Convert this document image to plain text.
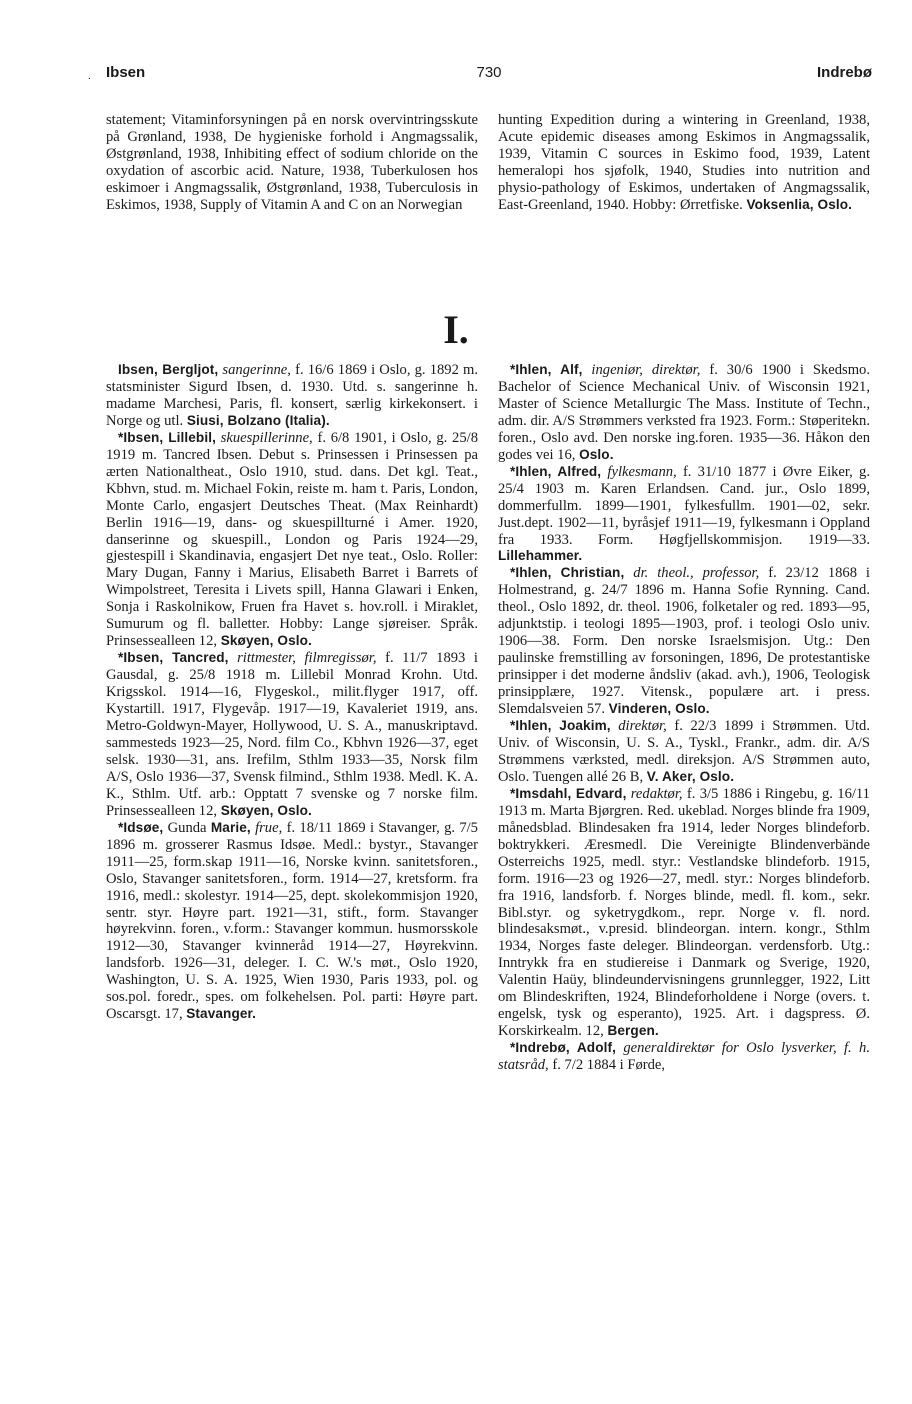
. Ibsen	730	Indrebø

statement; Vitaminforsyningen på en norsk overvintringsskute på Grønland, 1938, De hygieniske forhold i Angmagssalik, Østgrønland, 1938, Inhibiting effect of sodium chloride on the oxydation of ascorbic acid. Nature, 1938, Tuberkulosen hos eskimoer i Angmagssalik, Østgrønland, 1938, Tuberculosis in Eskimos, 1938, Supply of Vitamin A and C on an Norwegian

hunting Expedition during a wintering in Greenland, 1938, Acute epidemic diseases among Eskimos in Angmagssalik, 1939, Vitamin C sources in Eskimo food, 1939, Latent hemeralopi hos sjøfolk, 1940, Studies into nutrition and physio-pathology of Eskimos, undertaken of Angmagssalik, East-Greenland, 1940. Hobby: Ørretfiske. Voksenlia, Oslo.

I.

Ibsen, Bergljot, sangerinne, f. 16/6 1869 i Oslo, g. 1892 m. statsminister Sigurd Ibsen, d. 1930. Utd. s. sangerinne h. madame Marchesi, Paris, fl. konsert, særlig kirkekonsert. i Norge og utl. Siusi, Bolzano (Italia).

*Ibsen, Lillebil, skuespillerinne, f. 6/8 1901, i Oslo, g. 25/8 1919 m. Tancred Ibsen. Debut s. Prinsessen i Prinsessen pa ærten Nationaltheat., Oslo 1910, stud. dans. Det kgl. Teat., Kbhvn, stud. m. Michael Fokin, reiste m. ham t. Paris, London, Monte Carlo, engasjert Deutsches Theat. (Max Reinhardt) Berlin 1916—19, dans- og skuespillturné i Amer. 1920, danserinne og skuespill., London og Paris 1924—29, gjestespill i Skandinavia, engasjert Det nye teat., Oslo. Roller: Mary Dugan, Fanny i Marius, Elisabeth Barret i Barrets of Wimpolstreet, Teresita i Livets spill, Hanna Glawari i Enken, Sonja i Raskolnikow, Fruen fra Havet s. hov.roll. i Miraklet, Sumurum og fl. balletter. Hobby: Lange sjøreiser. Språk. Prinsessealleen 12, Skøyen, Oslo.

*Ibsen, Tancred, rittmester, filmregissør, f. 11/7 1893 i Gausdal, g. 25/8 1918 m. Lillebil Monrad Krohn. Utd. Krigsskol. 1914—16, Flygeskol., milit.flyger 1917, off. Kystartill. 1917, Flygevåp. 1917—19, Kavaleriet 1919, ans. Metro-Goldwyn-Mayer, Hollywood, U. S. A., manuskriptavd. sammesteds 1923—25, Nord. film Co., Kbhvn 1926—37, eget selsk. 1930—31, ans. Irefilm, Sthlm 1933—35, Norsk film A/S, Oslo 1936—37, Svensk filmind., Sthlm 1938. Medl. K. A. K., Sthlm. Utf. arb.: Opptatt 7 svenske og 7 norske film. Prinsessealleen 12, Skøyen, Oslo.

*Idsøe, Gunda Marie, frue, f. 18/11 1869 i Stavanger, g. 7/5 1896 m. grosserer Rasmus Idsøe. Medl.: bystyr., Stavanger 1911—25, form.skap 1911—16, Norske kvinn. sanitetsforen., Oslo, Stavanger sanitetsforen., form. 1914—27, kretsform. fra 1916, medl.: skolestyr. 1914—25, dept. skolekommisjon 1920, sentr. styr. Høyre part. 1921—31, stift., form. Stavanger høyrekvinn. foren., v.form.: Stavanger kommun. husmorsskole 1912—30, Stavanger kvinneråd 1914—27, Høyrekvinn. landsforb. 1926—31, deleger. I. C. W.'s møt., Oslo 1920, Washington, U. S. A. 1925, Wien 1930, Paris 1933, pol. og sos.pol. foredr., spes. om folkehelsen. Pol. parti: Høyre part. Oscarsgt. 17, Stavanger.

*Ihlen, Alf, ingeniør, direktør, f. 30/6 1900 i Skedsmo. Bachelor of Science Mechanical Univ. of Wisconsin 1921, Master of Science Metallurgic The Mass. Institute of Techn., adm. dir. A/S Strømmers verksted fra 1923. Form.: Støperitekn. foren., Oslo avd. Den norske ing.foren. 1935—36. Håkon den godes vei 16, Oslo.

*Ihlen, Alfred, fylkesmann, f. 31/10 1877 i Øvre Eiker, g. 25/4 1903 m. Karen Erlandsen. Cand. jur., Oslo 1899, dommerfullm. 1899—1901, fylkesfullm. 1901—02, sekr. Just.dept. 1902—11, byråsjef 1911—19, fylkesmann i Oppland fra 1933. Form. Høgfjellskommisjon. 1919—33. Lillehammer.

*Ihlen, Christian, dr. theol., professor, f. 23/12 1868 i Holmestrand, g. 24/7 1896 m. Hanna Sofie Rynning. Cand. theol., Oslo 1892, dr. theol. 1906, folketaler og red. 1893—95, adjunktstip. i teologi 1895—1903, prof. i teologi Oslo univ. 1906—38. Form. Den norske Israelsmisjon. Utg.: Den paulinske fremstilling av forsoningen, 1896, De protestantiske prinsipper i det moderne åndsliv (akad. avh.), 1906, Teologisk prinsipplære, 1927. Vitensk., populære art. i press. Slemdalsveien 57. Vinderen, Oslo.

*Ihlen, Joakim, direktør, f. 22/3 1899 i Strømmen. Utd. Univ. of Wisconsin, U. S. A., Tyskl., Frankr., adm. dir. A/S Strømmens værksted, medl. direksjon. A/S Strømmen auto, Oslo. Tuengen allé 26 B, V. Aker, Oslo.

*Imsdahl, Edvard, redaktør, f. 3/5 1886 i Ringebu, g. 16/11 1913 m. Marta Bjørgren. Red. ukeblad. Norges blinde fra 1909, månedsblad. Blindesaken fra 1914, leder Norges blindeforb. boktrykkeri. Æresmedl. Die Vereinigte Blindenverbände Osterreichs 1925, medl. styr.: Vestlandske blindeforb. 1915, form. 1916—23 og 1926—27, medl. styr.: Norges blindeforb. fra 1916, landsforb. f. Norges blinde, medl. fl. kom., sekr. Bibl.styr. og syketrygdkom., repr. Norge v. fl. nord. blindesaksmøt., v.presid. blindeorgan. intern. kongr., Sthlm 1934, Norges faste deleger. Blindeorgan. verdensforb. Utg.: Inntrykk fra en studiereise i Danmark og Sverige, 1920, Valentin Haüy, blindeundervisningens grunnlegger, 1922, Litt om Blindeskriften, 1924, Blindeforholdene i Norge (overs. t. engelsk, tysk og esperanto), 1925. Art. i dagspress. Ø. Korskirkealm. 12, Bergen.

*Indrebø, Adolf, generaldirektør for Oslo lysverker, f. h. statsråd, f. 7/2 1884 i Førde,
